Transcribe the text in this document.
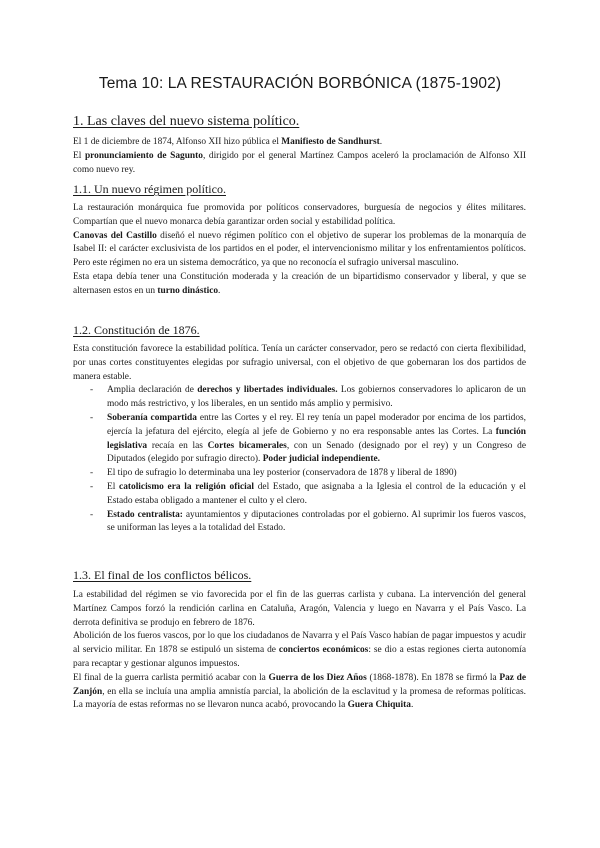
Tema 10: LA RESTAURACIÓN BORBÓNICA (1875-1902)
1. Las claves del nuevo sistema político.

El 1 de diciembre de 1874, Alfonso XII hizo pública el Manifiesto de Sandhurst.

El pronunciamiento de Sagunto, dirigido por el general Martínez Campos aceleró la proclamación de Alfonso XII como nuevo rey.

1.1. Un nuevo régimen político.

La restauración monárquica fue promovida por políticos conservadores, burguesía de negocios y élites militares. Compartían que el nuevo monarca debía garantizar orden social y estabilidad política.

Canovas del Castillo diseñó el nuevo régimen político con el objetivo de superar los problemas de la monarquía de Isabel II: el carácter exclusivista de los partidos en el poder, el intervencionismo militar y los enfrentamientos políticos. Pero este régimen no era un sistema democrático, ya que no reconocía el sufragio universal masculino.

Esta etapa debía tener una Constitución moderada y la creación de un bipartidismo conservador y liberal, y que se alternasen estos en un turno dinástico.

1.2. Constitución de 1876.

Esta constitución favorece la estabilidad política. Tenía un carácter conservador, pero se redactó con cierta flexibilidad, por unas cortes constituyentes elegidas por sufragio universal, con el objetivo de que gobernaran los dos partidos de manera estable.

- Amplia declaración de derechos y libertades individuales. Los gobiernos conservadores lo aplicaron de un modo más restrictivo, y los liberales, en un sentido más amplio y permisivo.
- Soberanía compartida entre las Cortes y el rey. El rey tenía un papel moderador por encima de los partidos, ejercía la jefatura del ejército, elegía al jefe de Gobierno y no era responsable antes las Cortes. La función legislativa recaía en las Cortes bicamerales, con un Senado (designado por el rey) y un Congreso de Diputados (elegido por sufragio directo). Poder judicial independiente.
- El tipo de sufragio lo determinaba una ley posterior (conservadora de 1878 y liberal de 1890)
- El catolicismo era la religión oficial del Estado, que asignaba a la Iglesia el control de la educación y el Estado estaba obligado a mantener el culto y el clero.
- Estado centralista: ayuntamientos y diputaciones controladas por el gobierno. Al suprimir los fueros vascos, se uniforman las leyes a la totalidad del Estado.
1.3. El final de los conflictos bélicos.

La estabilidad del régimen se vio favorecida por el fin de las guerras carlista y cubana. La intervención del general Martínez Campos forzó la rendición carlina en Cataluña, Aragón, Valencia y luego en Navarra y el País Vasco. La derrota definitiva se produjo en febrero de 1876.

Abolición de los fueros vascos, por lo que los ciudadanos de Navarra y el País Vasco habían de pagar impuestos y acudir al servicio militar. En 1878 se estipuló un sistema de conciertos económicos: se dio a estas regiones cierta autonomía para recaptar y gestionar algunos impuestos.

El final de la guerra carlista permitió acabar con la Guerra de los Diez Años (1868-1878). En 1878 se firmó la Paz de Zanjón, en ella se incluía una amplia amnistía parcial, la abolición de la esclavitud y la promesa de reformas políticas. La mayoría de estas reformas no se llevaron nunca acabó, provocando la Guera Chiquita.
